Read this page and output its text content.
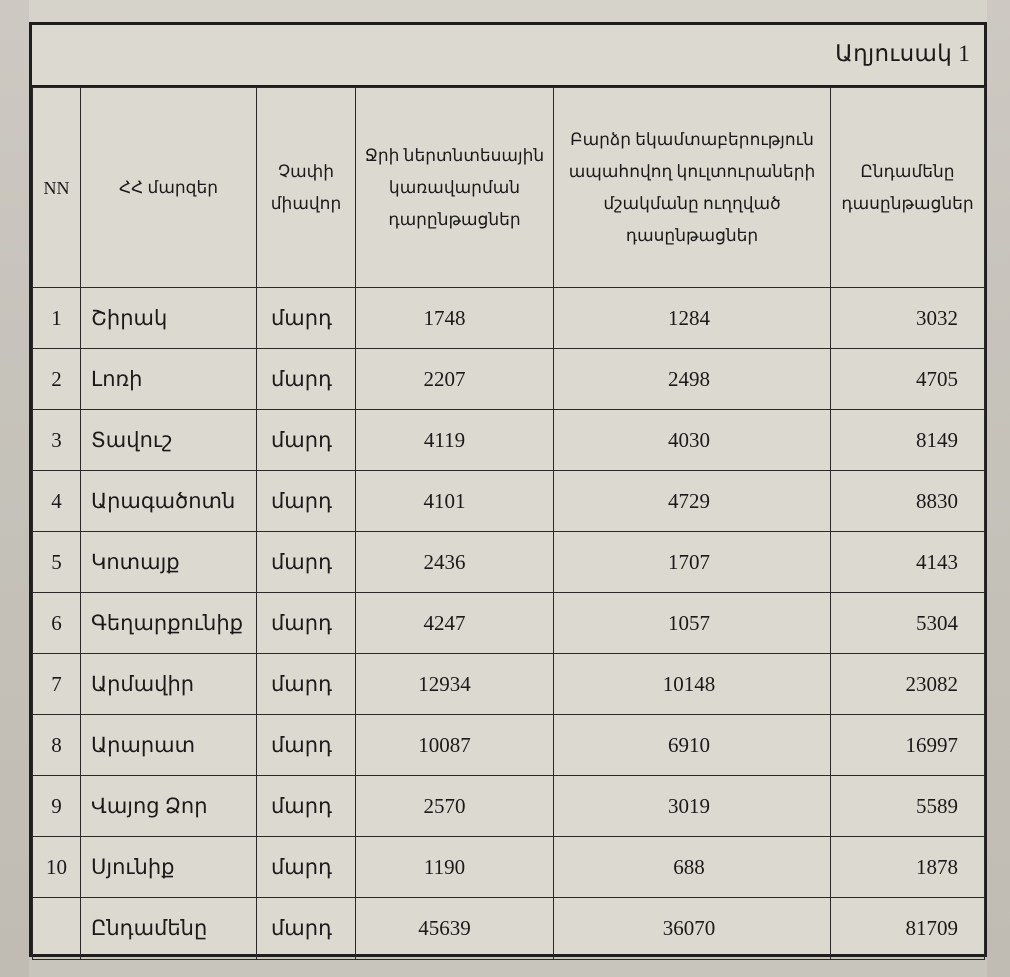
Աղյուսակ 1
NN	ՀՀ մարզեր	Չափի միավոր	Ջրի ներտնտեսային կառավարման դարընթացներ	Բարձր եկամտաբերություն ապահովող կուլտուրաների մշակմանը ուղղված դասընթացներ	Ընդամենը դասընթացներ
1	Շիրակ	մարդ	1748	1284	3032
2	Լոռի	մարդ	2207	2498	4705
3	Տավուշ	մարդ	4119	4030	8149
4	Արագածոտն	մարդ	4101	4729	8830
5	Կոտայք	մարդ	2436	1707	4143
6	Գեղարքունիք	մարդ	4247	1057	5304
7	Արմավիր	մարդ	12934	10148	23082
8	Արարատ	մարդ	10087	6910	16997
9	Վայոց Ձոր	մարդ	2570	3019	5589
10	Սյունիք	մարդ	1190	688	1878
	Ընդամենը	մարդ	45639	36070	81709
